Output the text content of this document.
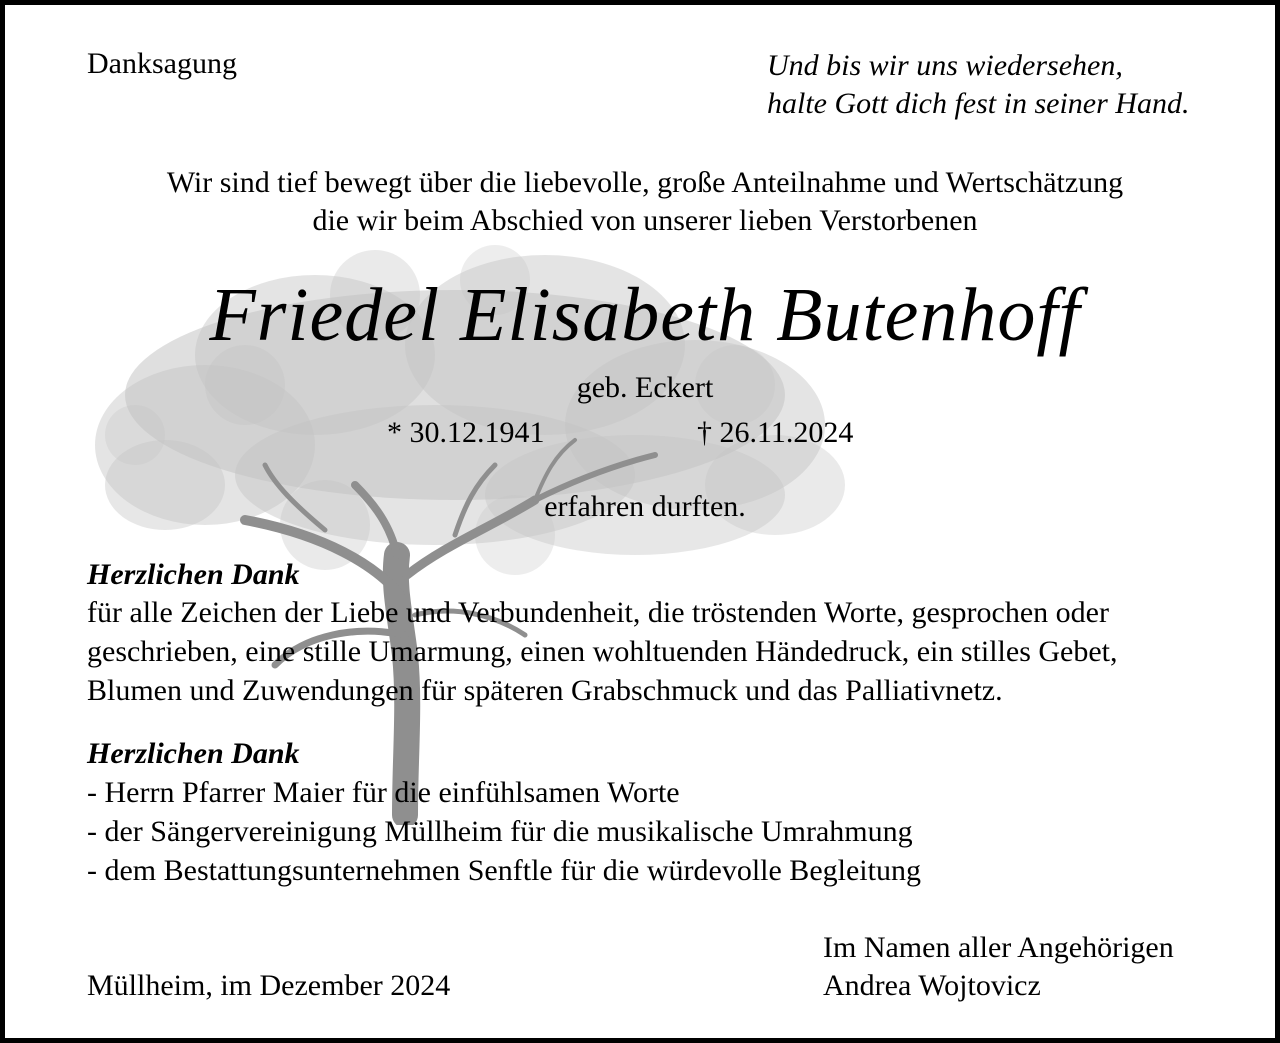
Danksagung	Und bis wir uns wiedersehen,
halte Gott dich fest in seiner Hand.
Wir sind tief bewegt über die liebevolle, große Anteilnahme und Wertschätzung
die wir beim Abschied von unserer lieben Verstorbenen
Friedel Elisabeth Butenhoff
geb. Eckert
* 30.12.1941	† 26.11.2024
erfahren durften.
Herzlichen Dank
für alle Zeichen der Liebe und Verbundenheit, die tröstenden Worte, gesprochen oder
geschrieben, eine stille Umarmung, einen wohltuenden Händedruck, ein stilles Gebet,
Blumen und Zuwendungen für späteren Grabschmuck und das Palliativnetz.
Herzlichen Dank
- Herrn Pfarrer Maier für die einfühlsamen Worte
- der Sängervereinigung Müllheim für die musikalische Umrahmung
- dem Bestattungsunternehmen Senftle für die würdevolle Begleitung
Im Namen aller Angehörigen
Müllheim, im Dezember 2024	Andrea Wojtovicz
